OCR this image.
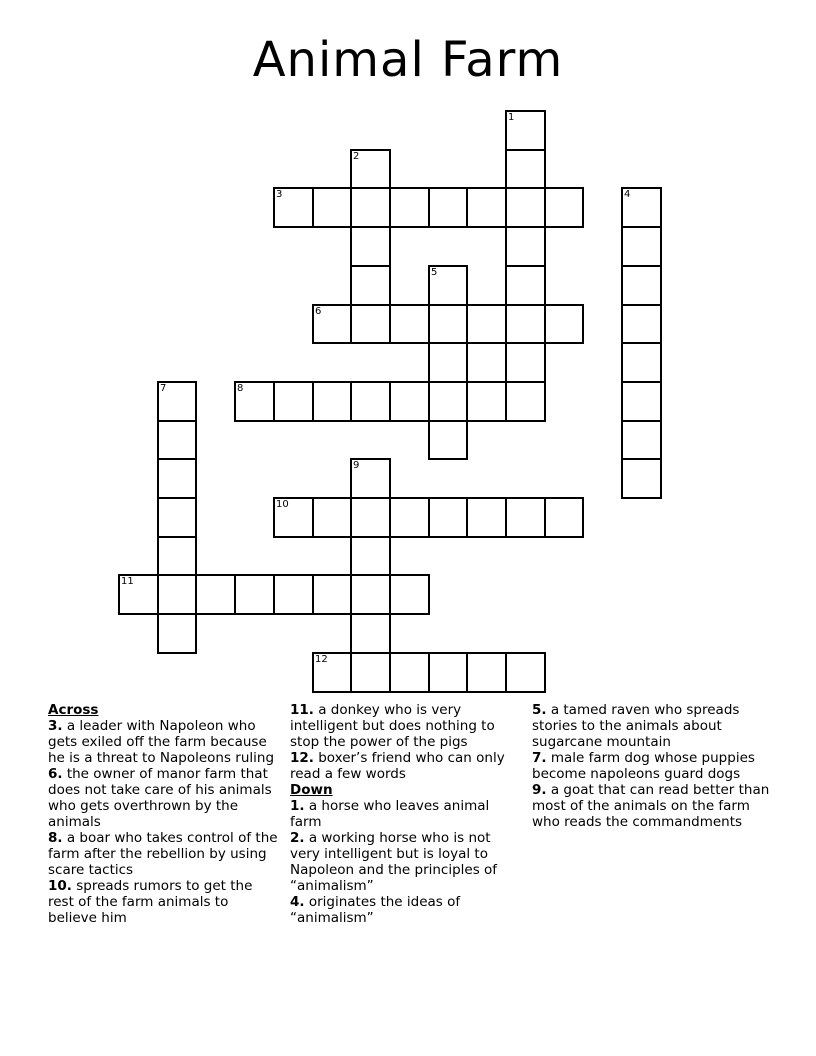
Animal Farm
1
2
3	4
5
6
7	8
9
10
11
12
Across

3. a leader with Napoleon who gets exiled off the farm because he is a threat to Napoleons ruling

6. the owner of manor farm that does not take care of his animals who gets overthrown by the animals

8. a boar who takes control of the farm after the rebellion by using scare tactics

10. spreads rumors to get the rest of the farm animals to believe him

11. a donkey who is very intelligent but does nothing to stop the power of the pigs

12. boxer’s friend who can only read a few words

Down

1. a horse who leaves animal farm

2. a working horse who is not very intelligent but is loyal to Napoleon and the principles of “animalism”

4. originates the ideas of “animalism”

5. a tamed raven who spreads stories to the animals about sugarcane mountain

7. male farm dog whose puppies become napoleons guard dogs

9. a goat that can read better than most of the animals on the farm who reads the commandments
